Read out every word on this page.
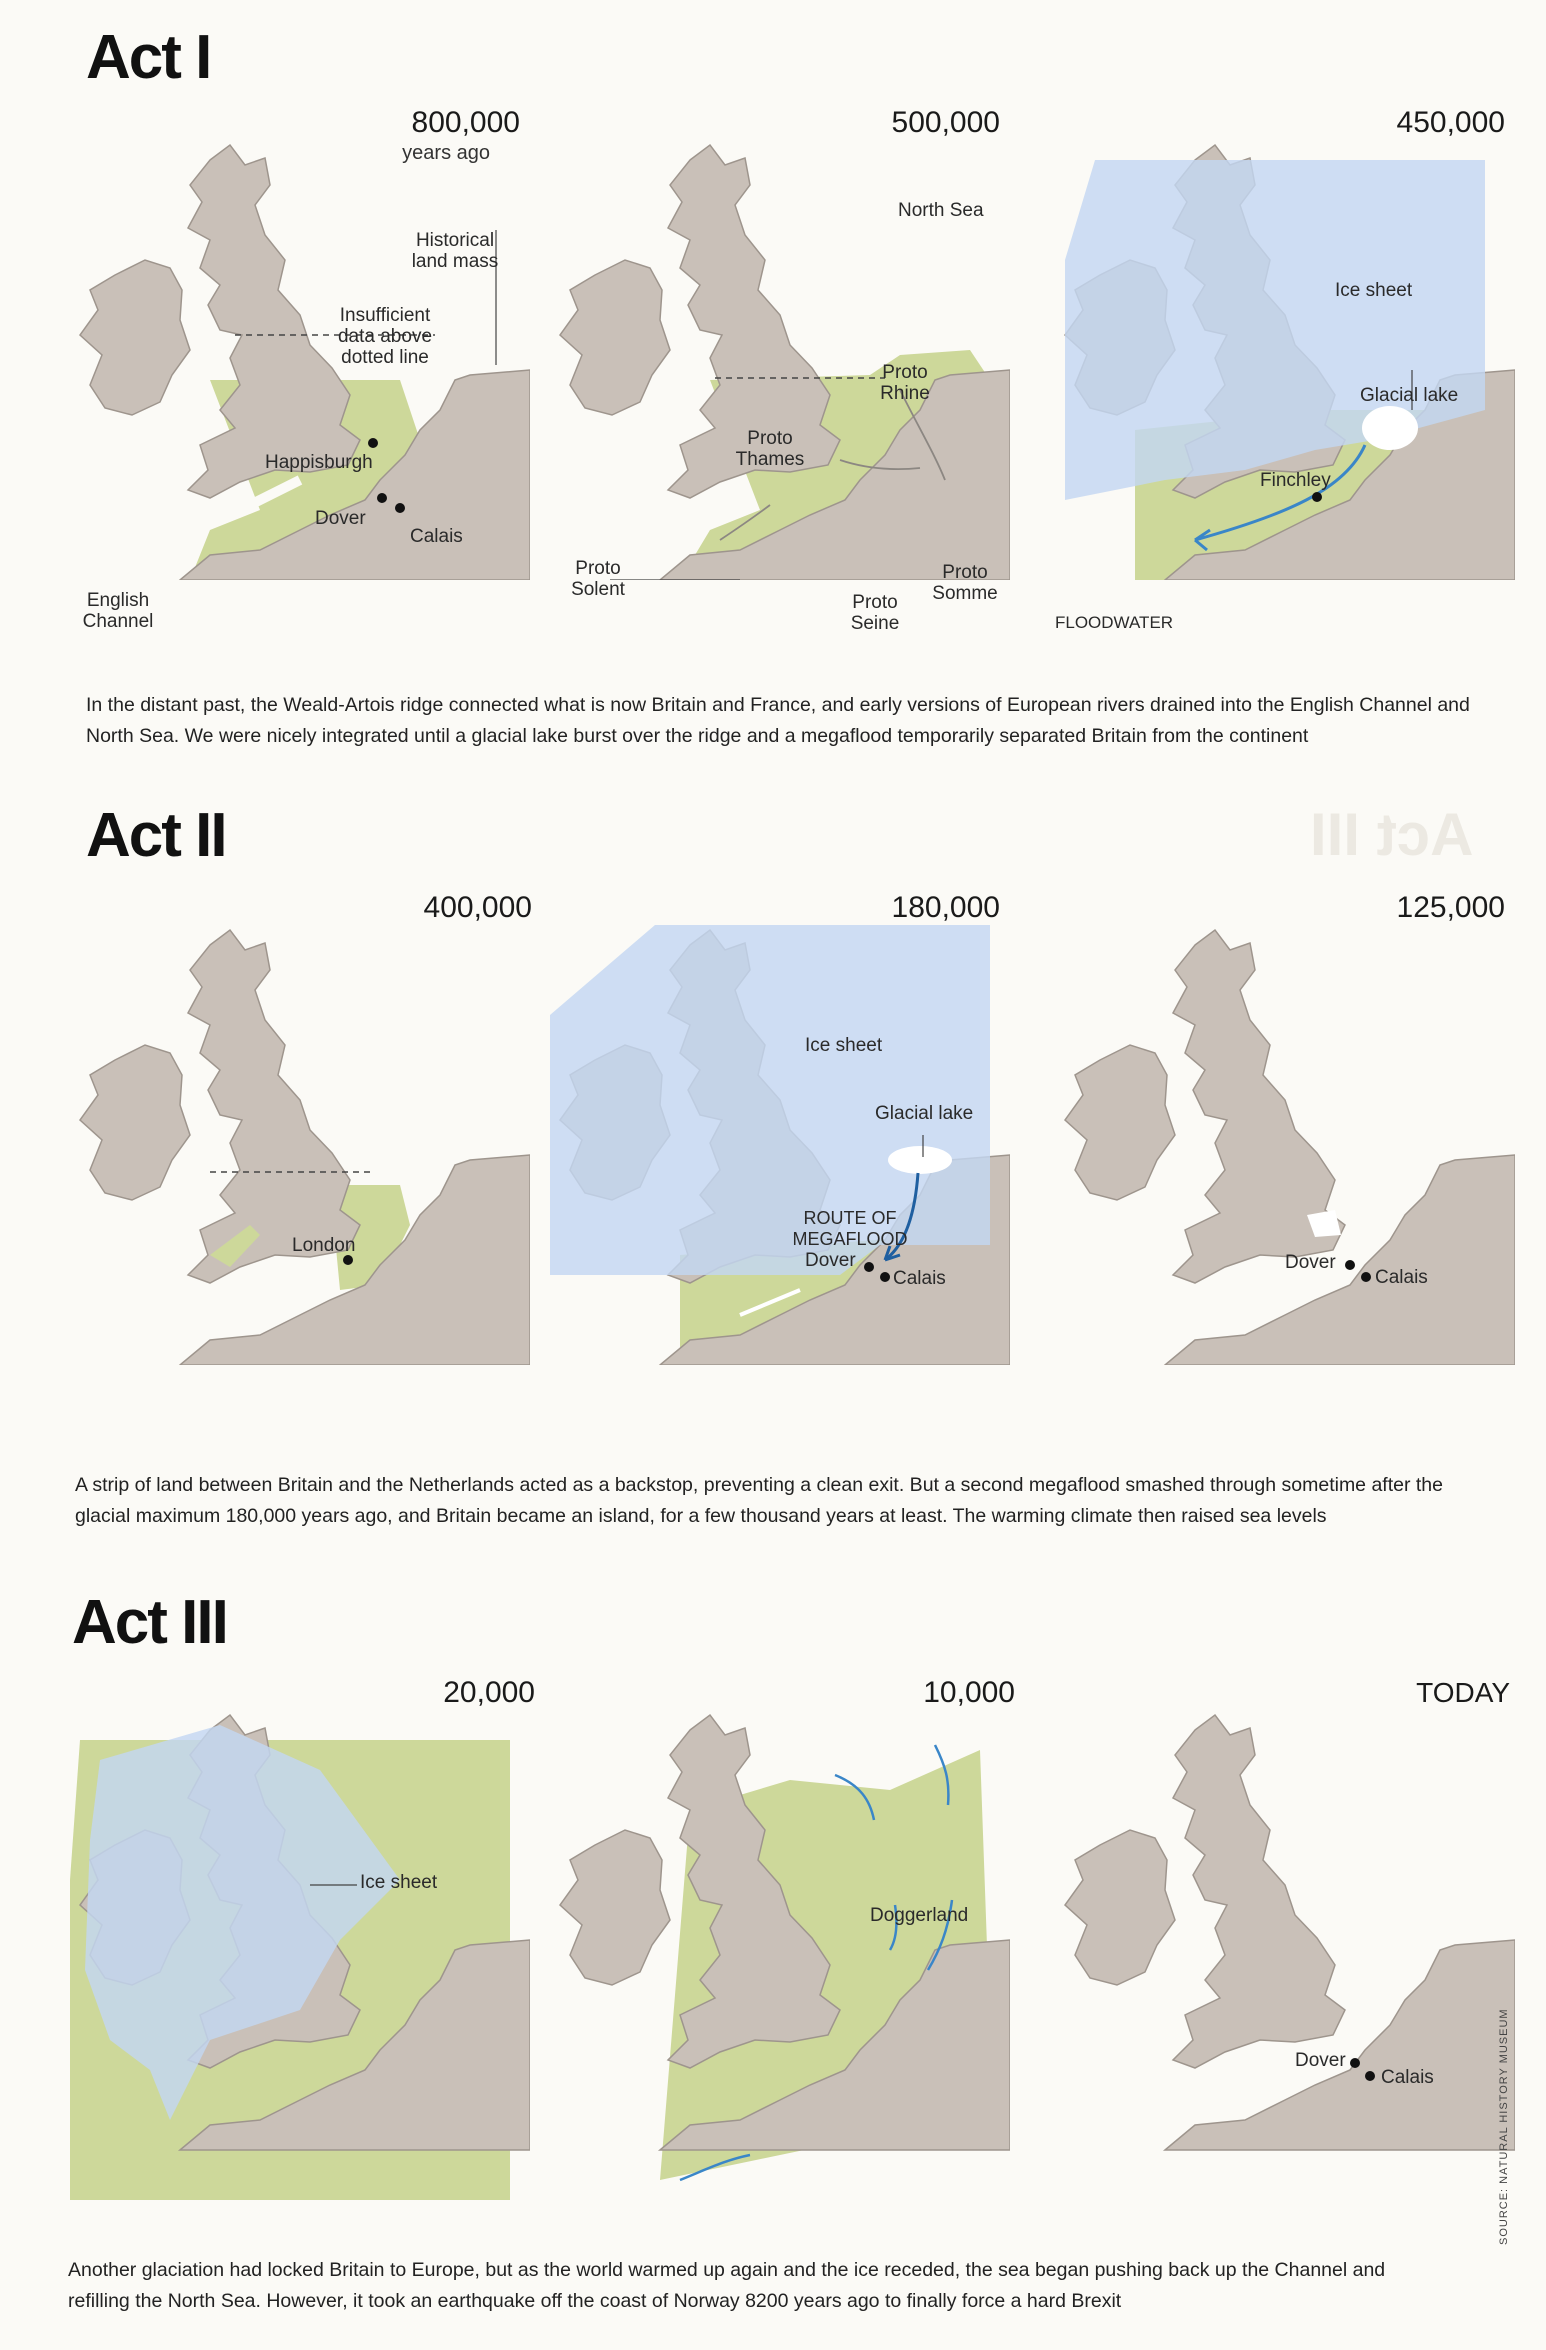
Act I
800,000
years ago
Historical land mass
Insufficient data above dotted line
Happisburgh
Dover
Calais
English Channel
500,000
North Sea
Proto Rhine
Proto Thames
Proto Solent
Proto Seine
Proto Somme
450,000
Ice sheet
Glacial lake
Finchley
FLOODWATER
In the distant past, the Weald-Artois ridge connected what is now Britain and France, and early versions of European rivers drained into the English Channel and North Sea. We were nicely integrated until a glacial lake burst over the ridge and a megaflood temporarily separated Britain from the continent
Act III
Act II
400,000
London
180,000
Ice sheet
Glacial lake
ROUTE OF MEGAFLOOD
Dover
Calais
125,000
Dover
Calais
A strip of land between Britain and the Netherlands acted as a backstop, preventing a clean exit. But a second megaflood smashed through sometime after the glacial maximum 180,000 years ago, and Britain became an island, for a few thousand years at least. The warming climate then raised sea levels
Act III
20,000
Ice sheet
10,000
Doggerland
TODAY
Dover
Calais	SOURCE: NATURAL HISTORY MUSEUM
Another glaciation had locked Britain to Europe, but as the world warmed up again and the ice receded, the sea began pushing back up the Channel and refilling the North Sea. However, it took an earthquake off the coast of Norway 8200 years ago to finally force a hard Brexit
